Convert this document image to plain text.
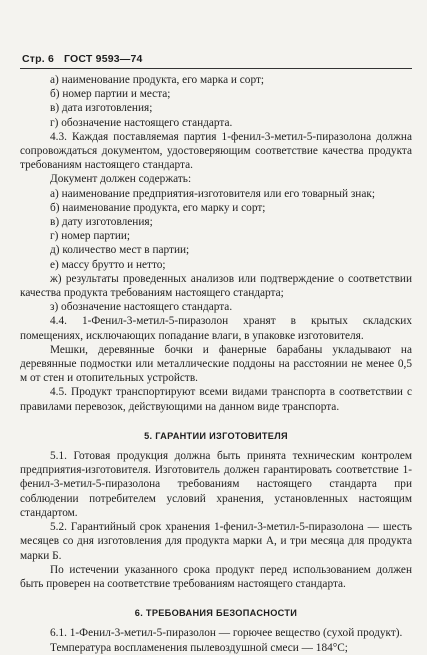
Стр. 6 ГОСТ 9593—74

а) наименование продукта, его марка и сорт;

б) номер партии и места;

в) дата изготовления;

г) обозначение настоящего стандарта.

4.3. Каждая поставляемая партия 1-фенил-3-метил-5-пиразолона должна сопровождаться документом, удостоверяющим соответствие качества продукта требованиям настоящего стандарта.

Документ должен содержать:

а) наименование предприятия-изготовителя или его товарный знак;

б) наименование продукта, его марку и сорт;

в) дату изготовления;

г) номер партии;

д) количество мест в партии;

е) массу брутто и нетто;

ж) результаты проведенных анализов или подтверждение о соответствии качества продукта требованиям настоящего стандарта;

з) обозначение настоящего стандарта.

4.4. 1-Фенил-3-метил-5-пиразолон хранят в крытых складских помещениях, исключающих попадание влаги, в упаковке изготовителя.

Мешки, деревянные бочки и фанерные барабаны укладывают на деревянные подмостки или металлические поддоны на расстоянии не менее 0,5 м от стен и отопительных устройств.

4.5. Продукт транспортируют всеми видами транспорта в соответствии с правилами перевозок, действующими на данном виде транспорта.

5. ГАРАНТИИ ИЗГОТОВИТЕЛЯ

5.1. Готовая продукция должна быть принята техническим контролем предприятия-изготовителя. Изготовитель должен гарантировать соответствие 1-фенил-3-метил-5-пиразолона требованиям настоящего стандарта при соблюдении потребителем условий хранения, установленных настоящим стандартом.

5.2. Гарантийный срок хранения 1-фенил-3-метил-5-пиразолона — шесть месяцев со дня изготовления для продукта марки А, и три месяца для продукта марки Б.

По истечении указанного срока продукт перед использованием должен быть проверен на соответствие требованиям настоящего стандарта.

6. ТРЕБОВАНИЯ БЕЗОПАСНОСТИ

6.1. 1-Фенил-3-метил-5-пиразолон — горючее вещество (сухой продукт).

Температура воспламенения пылевоздушной смеси — 184°С;
